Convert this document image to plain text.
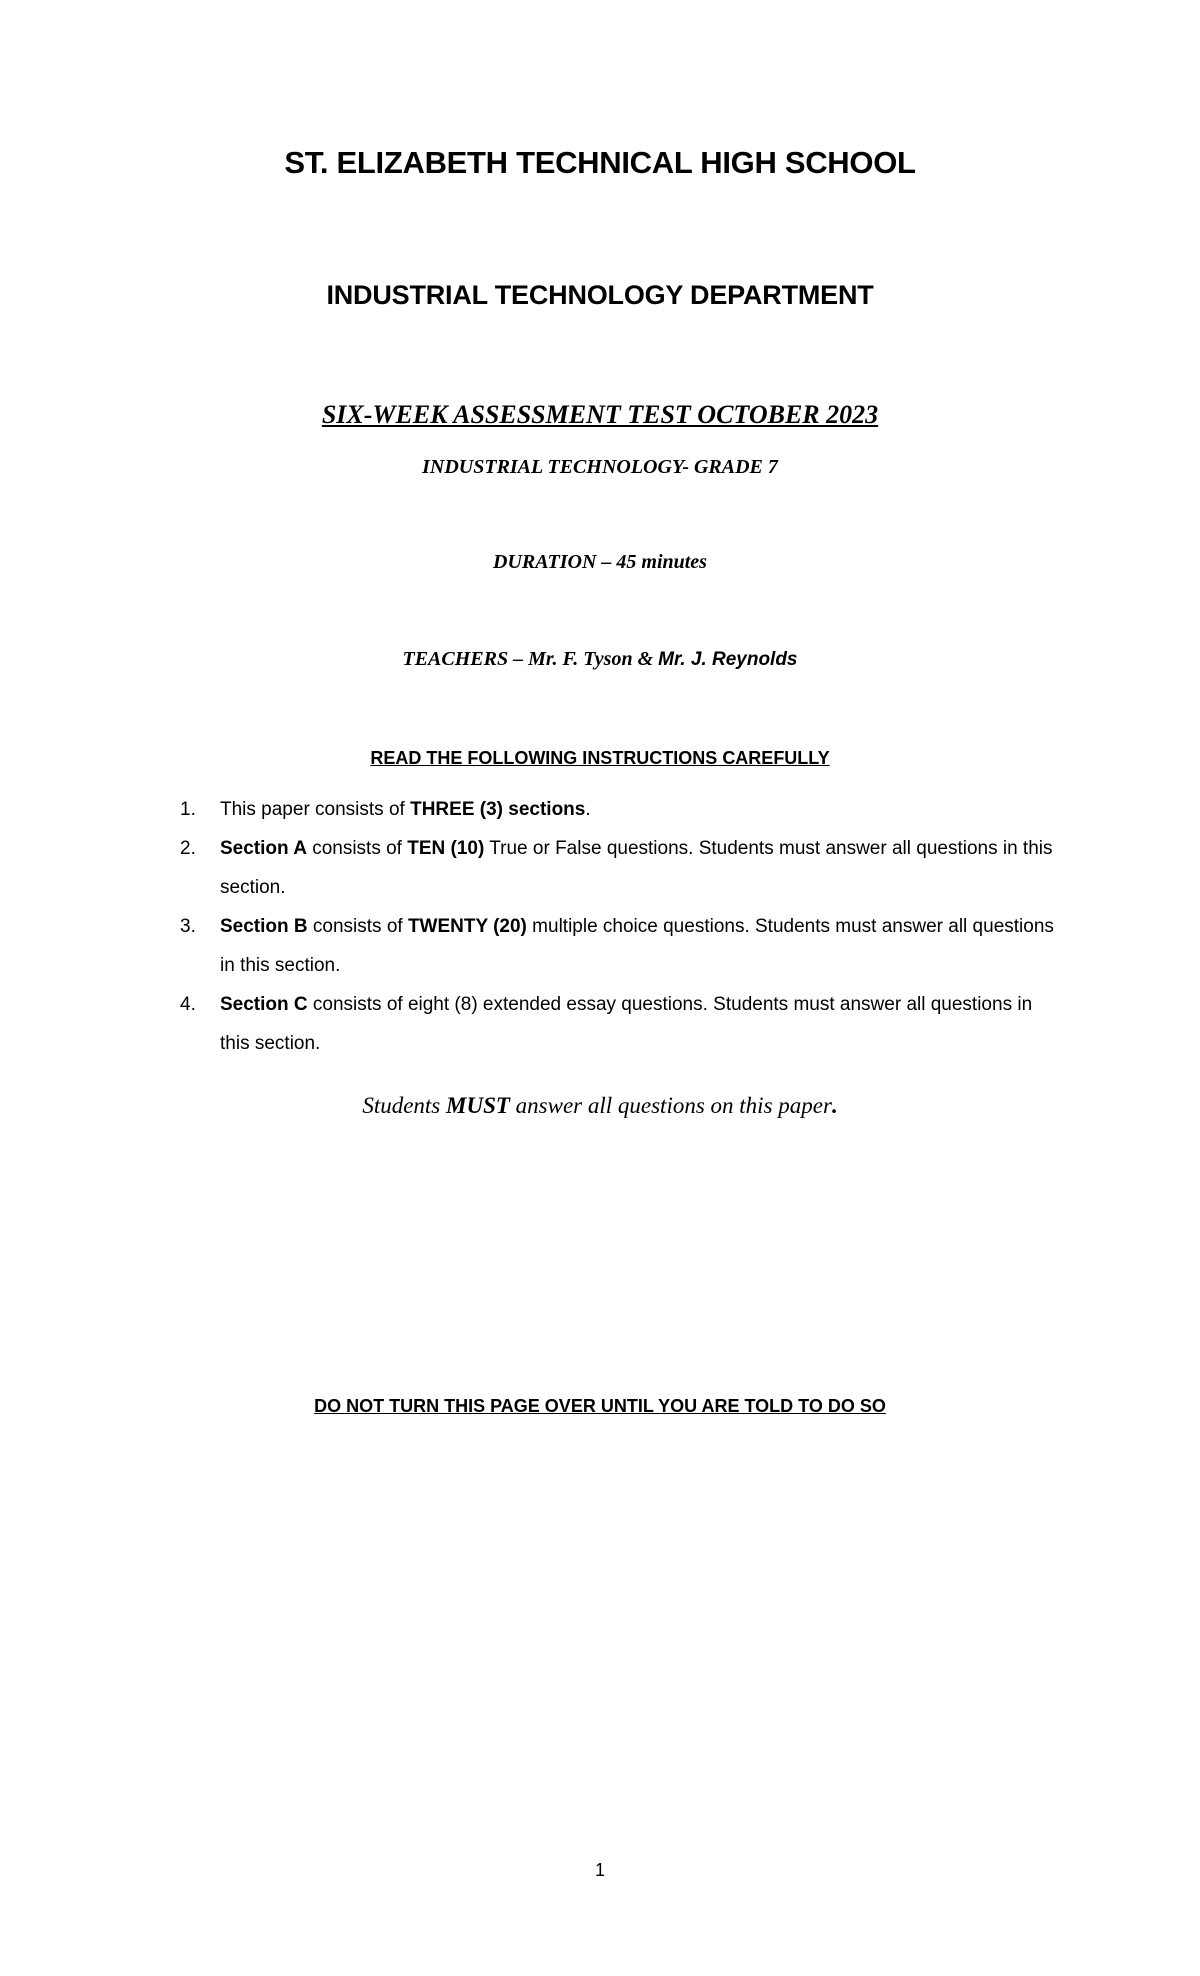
ST. ELIZABETH TECHNICAL HIGH SCHOOL
INDUSTRIAL TECHNOLOGY DEPARTMENT
SIX-WEEK ASSESSMENT TEST OCTOBER 2023
INDUSTRIAL TECHNOLOGY- GRADE 7
DURATION – 45 minutes
TEACHERS – Mr. F. Tyson & Mr. J. Reynolds
READ THE FOLLOWING INSTRUCTIONS CAREFULLY
1. This paper consists of THREE (3) sections.
2. Section A consists of TEN (10) True or False questions. Students must answer all questions in this section.
3. Section B consists of TWENTY (20) multiple choice questions. Students must answer all questions in this section.
4. Section C consists of eight (8) extended essay questions. Students must answer all questions in this section.
Students MUST answer all questions on this paper.
DO NOT TURN THIS PAGE OVER UNTIL YOU ARE TOLD TO DO SO
1
